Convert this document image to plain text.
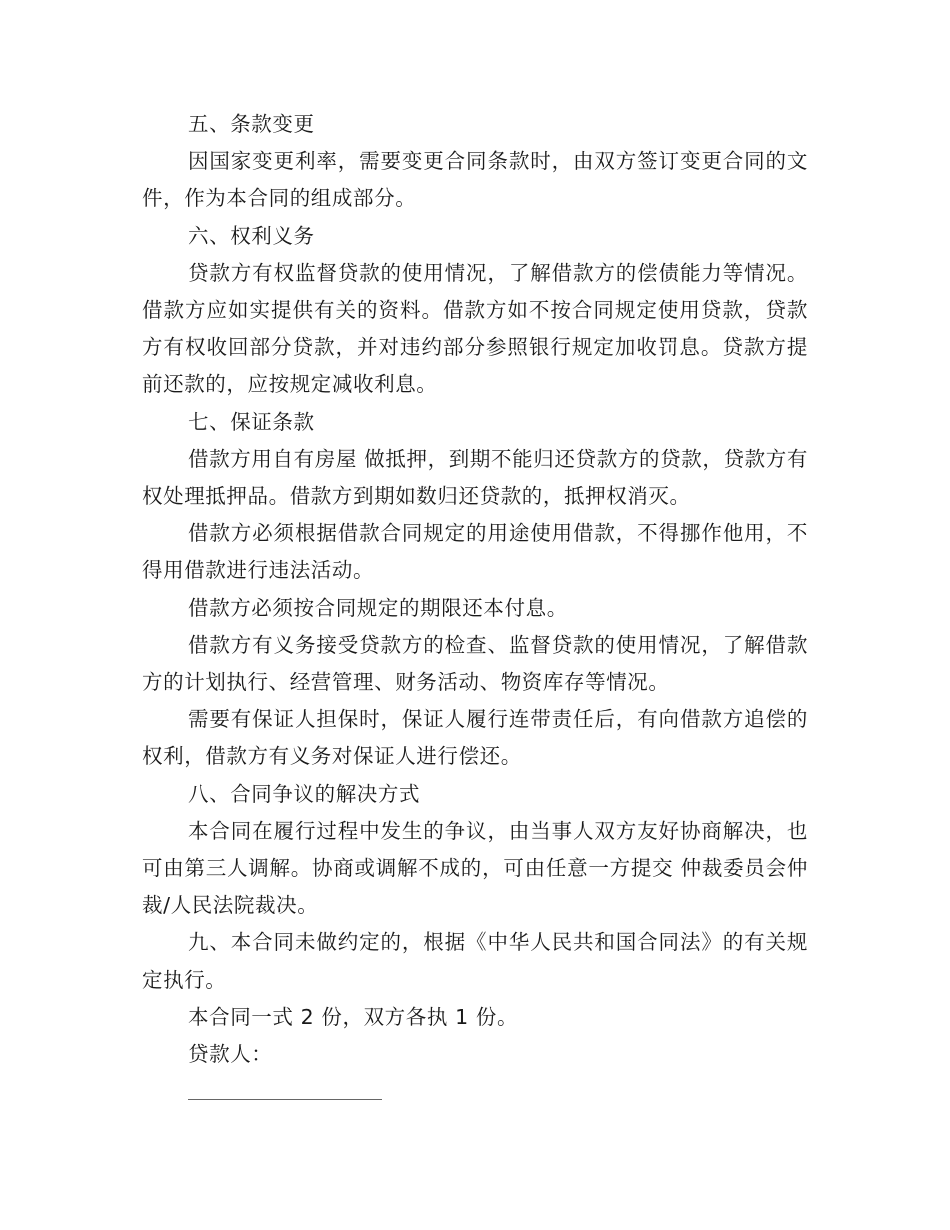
五、条款变更

因国家变更利率，需要变更合同条款时，由双方签订变更合同的文件，作为本合同的组成部分。

六、权利义务

贷款方有权监督贷款的使用情况，了解借款方的偿债能力等情况。借款方应如实提供有关的资料。借款方如不按合同规定使用贷款，贷款方有权收回部分贷款，并对违约部分参照银行规定加收罚息。贷款方提前还款的，应按规定减收利息。

七、保证条款

借款方用自有房屋 做抵押，到期不能归还贷款方的贷款，贷款方有权处理抵押品。借款方到期如数归还贷款的，抵押权消灭。

借款方必须根据借款合同规定的用途使用借款，不得挪作他用，不得用借款进行违法活动。

借款方必须按合同规定的期限还本付息。

借款方有义务接受贷款方的检查、监督贷款的使用情况，了解借款方的计划执行、经营管理、财务活动、物资库存等情况。

需要有保证人担保时，保证人履行连带责任后，有向借款方追偿的权利，借款方有义务对保证人进行偿还。

八、合同争议的解决方式

本合同在履行过程中发生的争议，由当事人双方友好协商解决，也可由第三人调解。协商或调解不成的，可由任意一方提交 仲裁委员会仲裁/人民法院裁决。

九、本合同未做约定的，根据《中华人民共和国合同法》的有关规定执行。

本合同一式 2 份，双方各执 1 份。

贷款人：
